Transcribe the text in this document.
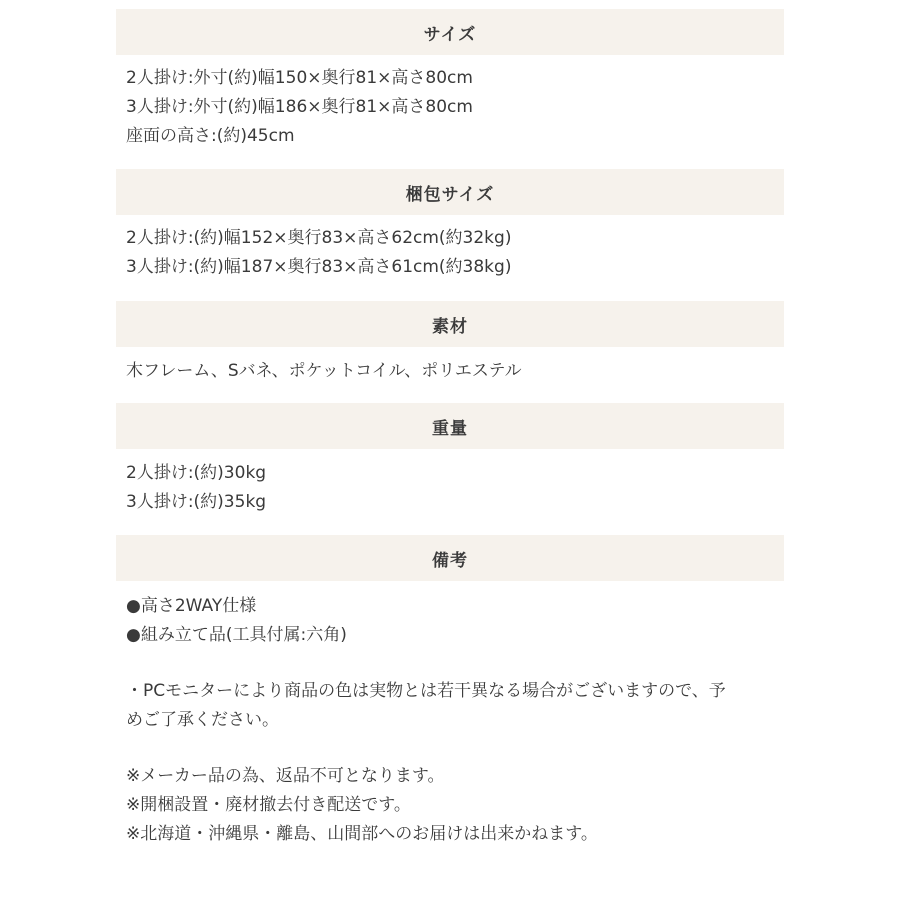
サイズ
2人掛け:外寸(約)幅150×奥行81×高さ80cm
3人掛け:外寸(約)幅186×奥行81×高さ80cm
座面の高さ:(約)45cm
梱包サイズ
2人掛け:(約)幅152×奥行83×高さ62cm(約32kg)
3人掛け:(約)幅187×奥行83×高さ61cm(約38kg)
素材
木フレーム、Sバネ、ポケットコイル、ポリエステル
重量
2人掛け:(約)30kg
3人掛け:(約)35kg
備考
●高さ2WAY仕様
●組み立て品(工具付属:六角)
・PCモニターにより商品の色は実物とは若干異なる場合がございますので、予
めご了承ください。
※メーカー品の為、返品不可となります。
※開梱設置・廃材撤去付き配送です。
※北海道・沖縄県・離島、山間部へのお届けは出来かねます。
